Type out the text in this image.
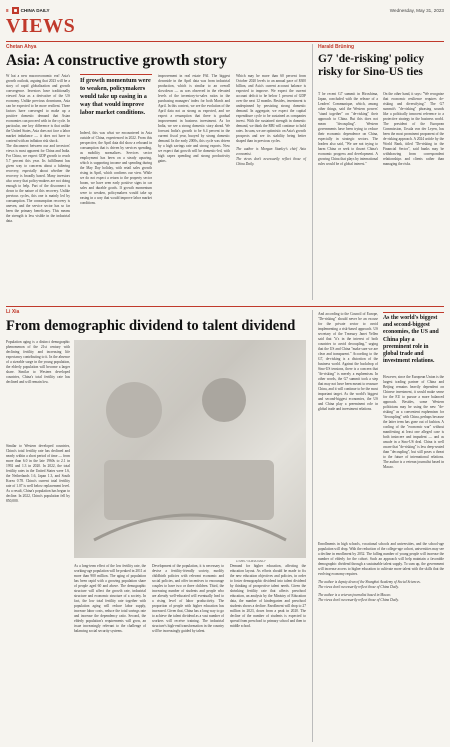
8	CHINA DAILY	Wednesday, May 31, 2023
VIEWS
Chetan Ahya
Asia: A constructive growth story

W hat a new macroeconomic era! Asia's growth outlook, arguing that 2023 will be a story of rapid globalization and growth convergence. Investors have traditionally viewed Asia as a derivative of the US economy. Unlike previous downturns, Asia can be expected to be more resilient. Three factors have converged to make up a positive domestic demand that Asian economies can proceed with in the cycle. In particular, one key difference is that unlike the United States, Asia does not face a labor market imbalance — it does not have to contend with an inflation risk shock.

The disconnect between our and investors' views is most apparent for China and India. For China, we expect GDP growth to reach 5.7 percent this year. Its fulfillment has given way to concerns about a faltering recovery, especially about whether the recovery is broadly based. Many investors also worry that policy-makers are not doing enough to help. Part of the disconnect is down to the nature of this recovery. Unlike previous cycles, this one is mainly led by consumption. The consumption recovery is uneven, and the service sector has so far been the primary beneficiary. This means the strength is less visible in the industrial data.

If growth momentum were to weaken, policymakers would take up easing in a way that would improve labor market conditions.

Indeed, this was what we encountered in Asia outside of China, experienced in 2022. From this perspective, the April data did show a rebound in consumption that is driven by services spending, as mobility normalizes. Services sector employment has been on a steady upswing, which is supporting income and spending during the May Day holiday, with retail sales growth rising in April, which confirms our view. While we do not expect a return to the property sector boom, we have seen early positive signs in car sales and durable goods. If growth momentum were to weaken, policymakers would take up easing in a way that would improve labor market conditions.

improvement in real estate FAI. The biggest downside in the April data was from industrial production, which is similar to an overall slowdown — as was observed in the elevated levels of the inventory-to-sales ratios in the purchasing managers' index for both March and April. In this context, we see the evolution of the April data not as strong as expected, and we expect a resumption that there is gradual improvement in business investment. As for India, we see a strong domestic story ahead. We forecast India's growth to be 6.4 percent in the current fiscal year, buoyed by strong domestic demand. In the early 2000s, this cycle was driven by a high savings rate and strong exports. Now we expect that growth will be domestic-led, with high capex spending and strong productivity gains.

Which may be more than 60 percent from October 2020 levels to an annual pace of $300 billion, and Asia's current account balance is expected to improve. We expect the current account deficit to be below 1 percent of GDP over the next 12 months. Besides, investment is underpinned by persisting strong domestic demand. In aggregate, we expect the capital expenditure cycle to be sustained as companies invest. With the sustained strength in domestic demand, we think the RBI will continue to hold rates. In sum, we are optimistic on Asia's growth prospects and see its stability being better shaped than in previous cycles.

The author is Morgan Stanley's chief Asia economist.

The views don't necessarily reflect those of China Daily.

Harald Brüning
G7 'de-risking' policy risky for Sino-US ties

T he recent G7 summit in Hiroshima, Japan, concluded with the release of a Leaders' Communique, which, among other things, said the Western powers' "stand together" on "de-risking" their approach to China. But this does not mean "decoupling". Western governments have been trying to reduce their economic dependence on China, especially in strategic sectors. The leaders also said, "We are not trying to harm China or seek to thwart China's economic progress and development. A growing China that plays by international rules would be of global interest."

On the other hand, it says: "We recognize that economic resilience requires de-risking and diversifying." The G7 summit's "de-risking" phrasing sounds like a politically innocent reference to a protective strategy in the business world. The president of the European Commission, Ursula von der Leyen, has been the most prominent proponent of the de-risking approach. A 2024 article by the World Bank, titled "De-risking in the Financial Sector", said banks may be withdrawing from correspondent relationships and clients rather than managing the risks.

Li Xia
From demographic dividend to talent dividend

Population aging is a distinct demographic phenomenon of the 21st century with declining fertility and increasing life expectancy contributing to it. In the absence of a sizeable surge in the young population, the elderly population will become a larger share. Similar to Western developed countries, China's total fertility rate has declined and will remain low.

LI MIN / CHINA DAILY

Similar to Western developed countries, China's total fertility rate has declined and nearly within a short period of time — from more than 6.0 in the late 1960s to 2.1 in 1992 and 1.3 in 2020. In 2022, the total fertility rates in the United States were 1.6, the Netherlands 1.6, Japan 1.3, and South Korea 0.78. China's current total fertility rate of 1.07 is well below replacement level. As a result, China's population has begun to decline. In 2022, China's population fell by 850,000.

As a long-term effect of the low fertility rate, the working-age population will be peaked in 2011 at more than 900 million. The aging of population has been rapid with a growing population share of people aged 60 and above. The demographic structure will affect the growth rate, industrial structure and economic structure of a society. In fact, the low total fertility rate together with population aging will reduce labor supply, increase labor costs, reduce the total savings rate and increase the dependency ratio. Second, the elderly population's requirements will grow, an issue increasingly relevant to the challenge of balancing social security systems.

Development of the population, it is necessary to devise a fertility-friendly society, modify childbirth policies with relevant economic and social policies, and offer incentives to encourage couples to have two or three children. Third, the increasing number of students and people who are already well-educated will eventually lead to a rising level of labor productivity. The proportion of people with higher education has increased. Given that, China has a long way to go to achieve the talent dividend as a vast number of workers will receive training. The industrial structure's high-end transformation in the country will be increasingly guided by talent.

Demand for higher education, affecting the education layout. As efforts should be made to fix the new education objectives and policies, in order to foster demographic dividend into talent dividend by thinking of prospective talent needs. Given the shrinking fertility rate that affects preschool education, an analysis by the Ministry of Education data, the number of kindergarten and preschool students shows a decline. Enrollment will drop to 27 million in 2023, down from a peak in 2020. The decline of the number of students is expected to spread from preschool to primary school and then to middle school.

And according to the Council of Europe, "De-risking" should never be an excuse for the private sector to avoid implementing a risk-based approach. US secretary of the Treasury Janet Yellen said that "it's in the interest of both countries to avoid decoupling," urging that the US and China "make sure we are clear and transparent." According to the G7, de-risking is a distortion of the business world. Against the backdrop of Sino-US tensions, there is a concern that "de-risking" is merely a euphemism. In other words, the G7 summit took a step that may not have been meant to reassure China, and it will continue to be the most important target. As the world's biggest and second-biggest economies, the US and China play a preeminent role in global trade and investment relations.

As the world's biggest and second-biggest economies, the US and China play a preeminent role in global trade and investment relations.

However, since the European Union is the largest trading partner of China and Beijing remains heavily dependent on Chinese investment, it would make sense for the EU to pursue a more balanced approach. Besides, some Western politicians may be using the new "de-risking" as a convenient euphemism for "decoupling" with China, perhaps because the latter term has gone out of fashion. A cooling of the "economic war" without manifesting at least one alleged case is both insincere and impudent — and as unsafe in a Sino-US deal. China is well aware that "de-risking" is less deep-seated than "decoupling", but still poses a threat to the future of international relations. The author is a veteran journalist based in Macao.

Enrollments in high schools, vocational schools and universities, and the school-age population will drop. With the reduction of the college-age cohort, universities may see a decline in enrollment by 2032. The falling number of young people will increase the number of elderly for the cohort. Such an approach will help maintain a favorable demographic dividend through a sustainable talent supply. To sum up, the government will increase access to higher education to cultivate more talent with the skills that the evolving economy requires.

The author is deputy dean of the Shanghai Academy of Social Sciences.

The views don't necessarily reflect those of China Daily.

The author is a veteran journalist based in Macao.

The views don't necessarily reflect those of China Daily.
